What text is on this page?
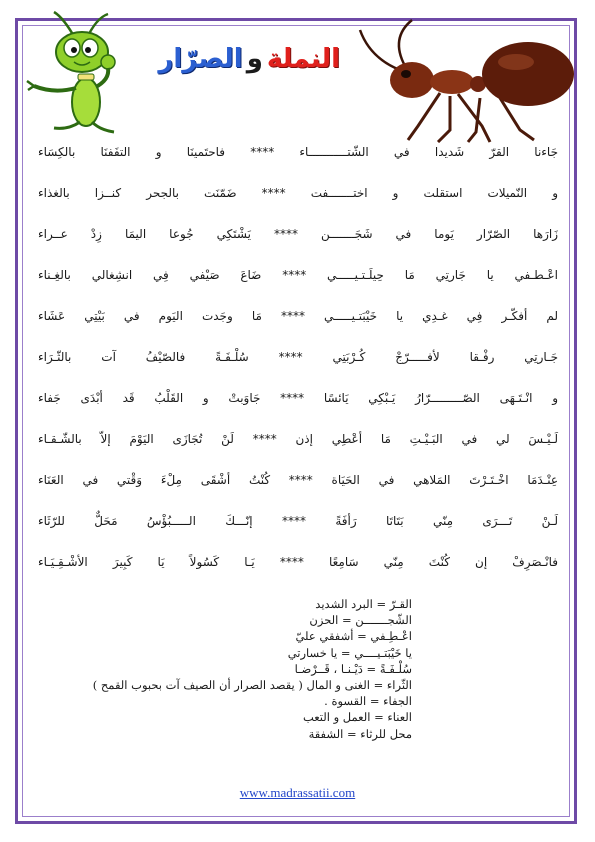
النملةوالصرّار
جَاءنا القرّ شَديدا في الشّتـــــــــــاء **** فاحتَمينَا و التفَفنَا بالكِسَاء
و النّميلات استقلت و اختـــــــفت **** ضَمّنَت بالجحر كنــزا بالغذاء
زَارَها الصّرّار يَوما في شَجَـــــــن **** يَشْتَكِي جُوعا اليمَا زِدْ عــراء
اعْـطـفي يا جَارتِي مَا حِيلَـتـيـــــي **** ضَاعَ صَيْفي فِي انشِغالي بالغِـناء
لم أفكّـر فِي غـدِي يا خَيْبَتـيـــــي **** مَا وجَدت اليَوم في بَيْتِي عَشَاء
جَـارتِي رفْـقا لأفـــــرّجْ كُـرْبَتِي **** سُلْـفَـةً فالصّيْفُ آت بالثّـرَاء
و انْـتَـهَى الصّـــــــــرّارُ يَـبْكِي يَائسًا **** جَاوَبتْ و القَلْبُ قَد أبْدَى جَفاء
لَـيْـسَ لي في البَـيْـتِ مَا أعْطِي إذن **** لَنْ تُجَازَى اليَوْمَ إلاّ بالشّـقـاء
عِنْـدَمَا اخْـتَـرْتَ المَلاهي في الحَيَاة **** كُنْتُ أشْقَى مِلْءَ وَقْتي في العَنَاء
لَـنْ تَـــرَى مِنّي بَتَاتَا رَأفَةً **** إنّـــكَ الـــــبُؤْسُ مَحَلٌّ للرّثَاء
فانْـصَرِفْ إن كُنْتَ مِنّي سَامِعًا **** يَـا كَسُولاً يَا كَبِيرَ الأشْـقِـيَـاء
القـرّ = البرد الشديد
الشّجـــــــن = الحزن
اعْـطِـفي = أشفقي عليّ
يا خَيْبَتـيــــي = يا خسارتي
سُلْـفَـةً = دَيْـنـا ، قَــرْضـا
الثّراء = الغنى و المال ( يقصد الصرار أن الصيف آت بحبوب القمح )
الجفاء = القسوة .
العناء = العمل و التعب
محل للرثاء = الشفقة
www.madrassatii.com
